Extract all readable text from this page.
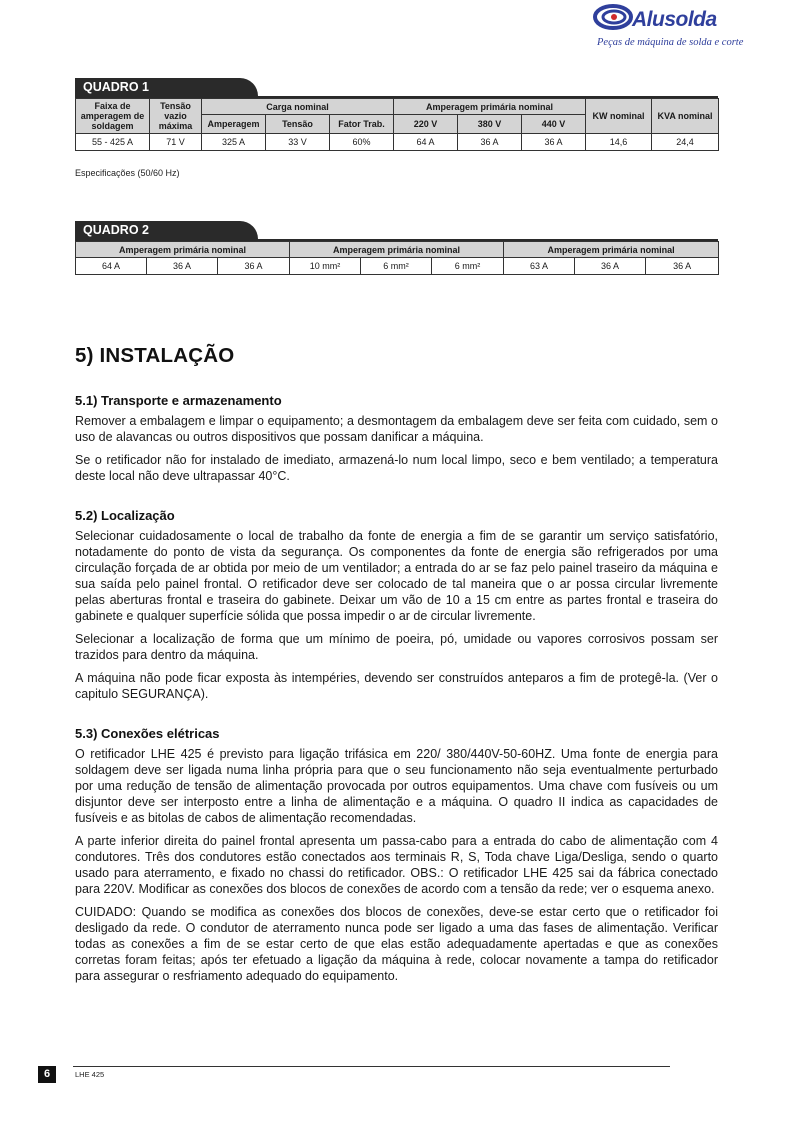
Alusolda
Peças de máquina de solda e corte
QUADRO 1
Faixa de amperagem de soldagem	Tensão vazio máxima	Carga nominal			Amperagem primária nominal			KW nominal	KVA nominal
		Amperagem	Tensão	Fator Trab.	220 V	380 V	440 V		
55 - 425 A	71 V	325 A	33 V	60%	64 A	36 A	36 A	14,6	24,4
Especificações (50/60 Hz)
QUADRO 2
Amperagem primária nominal			Amperagem primária nominal			Amperagem primária nominal		
64 A	36 A	36 A	10 mm²	6 mm²	6 mm²	63 A	36 A	36 A
5) INSTALAÇÃO
5.1) Transporte e armazenamento

Remover a embalagem e limpar o equipamento; a desmontagem da embalagem deve ser feita com cuidado, sem o uso de alavancas ou outros dispositivos que possam danificar a máquina.

Se o retificador não for instalado de imediato, armazená-lo num local limpo, seco e bem ventilado; a temperatura deste local não deve ultrapassar 40°C.

5.2) Localização

Selecionar cuidadosamente o local de trabalho da fonte de energia a fim de se garantir um serviço satisfatório, notadamente do ponto de vista da segurança. Os componentes da fonte de energia são refrigerados por uma circulação forçada de ar obtida por meio de um ventilador; a entrada do ar se faz pelo painel traseiro da máquina e sua saída pelo painel frontal. O retificador deve ser colocado de tal maneira que o ar possa circular livremente pelas aberturas frontal e traseira do gabinete. Deixar um vão de 10 a 15 cm entre as partes frontal e traseira do gabinete e qualquer superfície sólida que possa impedir o ar de circular livremente.

Selecionar a localização de forma que um mínimo de poeira, pó, umidade ou vapores corrosivos possam ser trazidos para dentro da máquina.

A máquina não pode ficar exposta às intempéries, devendo ser construídos anteparos a fim de protegê-la. (Ver o capitulo SEGURANÇA).

5.3) Conexões elétricas

O retificador LHE 425 é previsto para ligação trifásica em 220/ 380/440V-50-60HZ. Uma fonte de energia para soldagem deve ser ligada numa linha própria para que o seu funcionamento não seja eventualmente perturbado por uma redução de tensão de alimentação provocada por outros equipamentos. Uma chave com fusíveis ou um disjuntor deve ser interposto entre a linha de alimentação e a máquina. O quadro II indica as capacidades de fusíveis e as bitolas de cabos de alimentação recomendadas.

A parte inferior direita do painel frontal apresenta um passa-cabo para a entrada do cabo de alimentação com 4 condutores. Três dos condutores estão conectados aos terminais R, S, Toda chave Liga/Desliga, sendo o quarto usado para aterramento, e fixado no chassi do retificador. OBS.: O retificador LHE 425 sai da fábrica conectado para 220V. Modificar as conexões dos blocos de conexões de acordo com a tensão da rede; ver o esquema anexo.

CUIDADO: Quando se modifica as conexões dos blocos de conexões, deve-se estar certo que o retificador foi desligado da rede. O condutor de aterramento nunca pode ser ligado a uma das fases de alimentação. Verificar todas as conexões a fim de se estar certo de que elas estão adequadamente apertadas e que as conexões corretas foram feitas; após ter efetuado a ligação da máquina à rede, colocar novamente a tampa do retificador para assegurar o resfriamento adequado do equipamento.

6	LHE 425
